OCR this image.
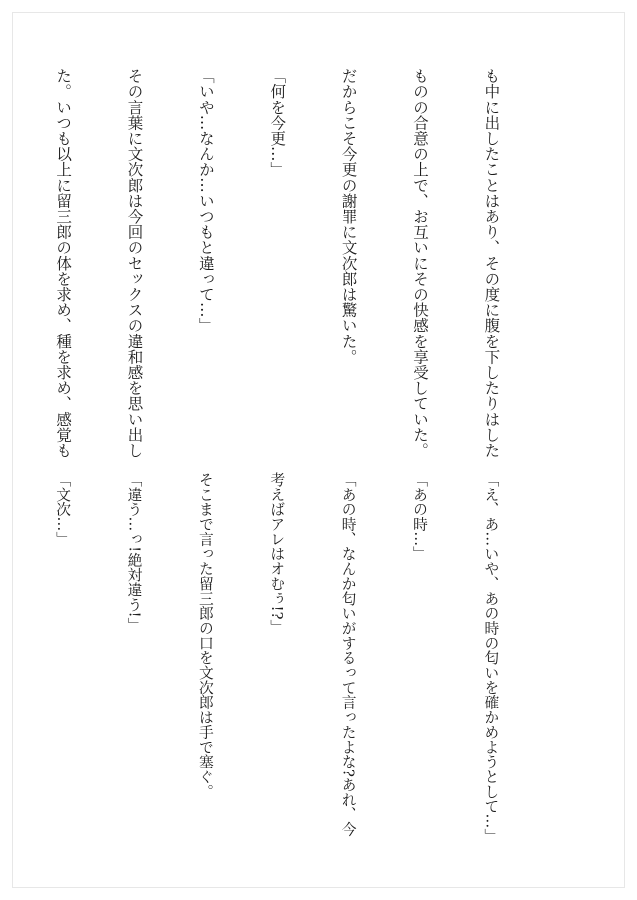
も中に出したことはあり、その度に腹を下したりはした

ものの合意の上で、お互いにその快感を享受していた。

だからこそ今更の謝罪に文次郎は驚いた。

「何を今更…」

「いや…なんか…いつもと違って…」

その言葉に文次郎は今回のセックスの違和感を思い出し

た。いつも以上に留三郎の体を求め、種を求め、感覚も

「え、あ…いや、あの時の匂いを確かめようとして…」

「あの時…」

「あの時、なんか匂いがするって言ったよな?あれ、今

考えばアレはオむぅ!?」

そこまで言った留三郎の口を文次郎は手で塞ぐ。

「違う…っ!絶対違う!」

「文次…」
